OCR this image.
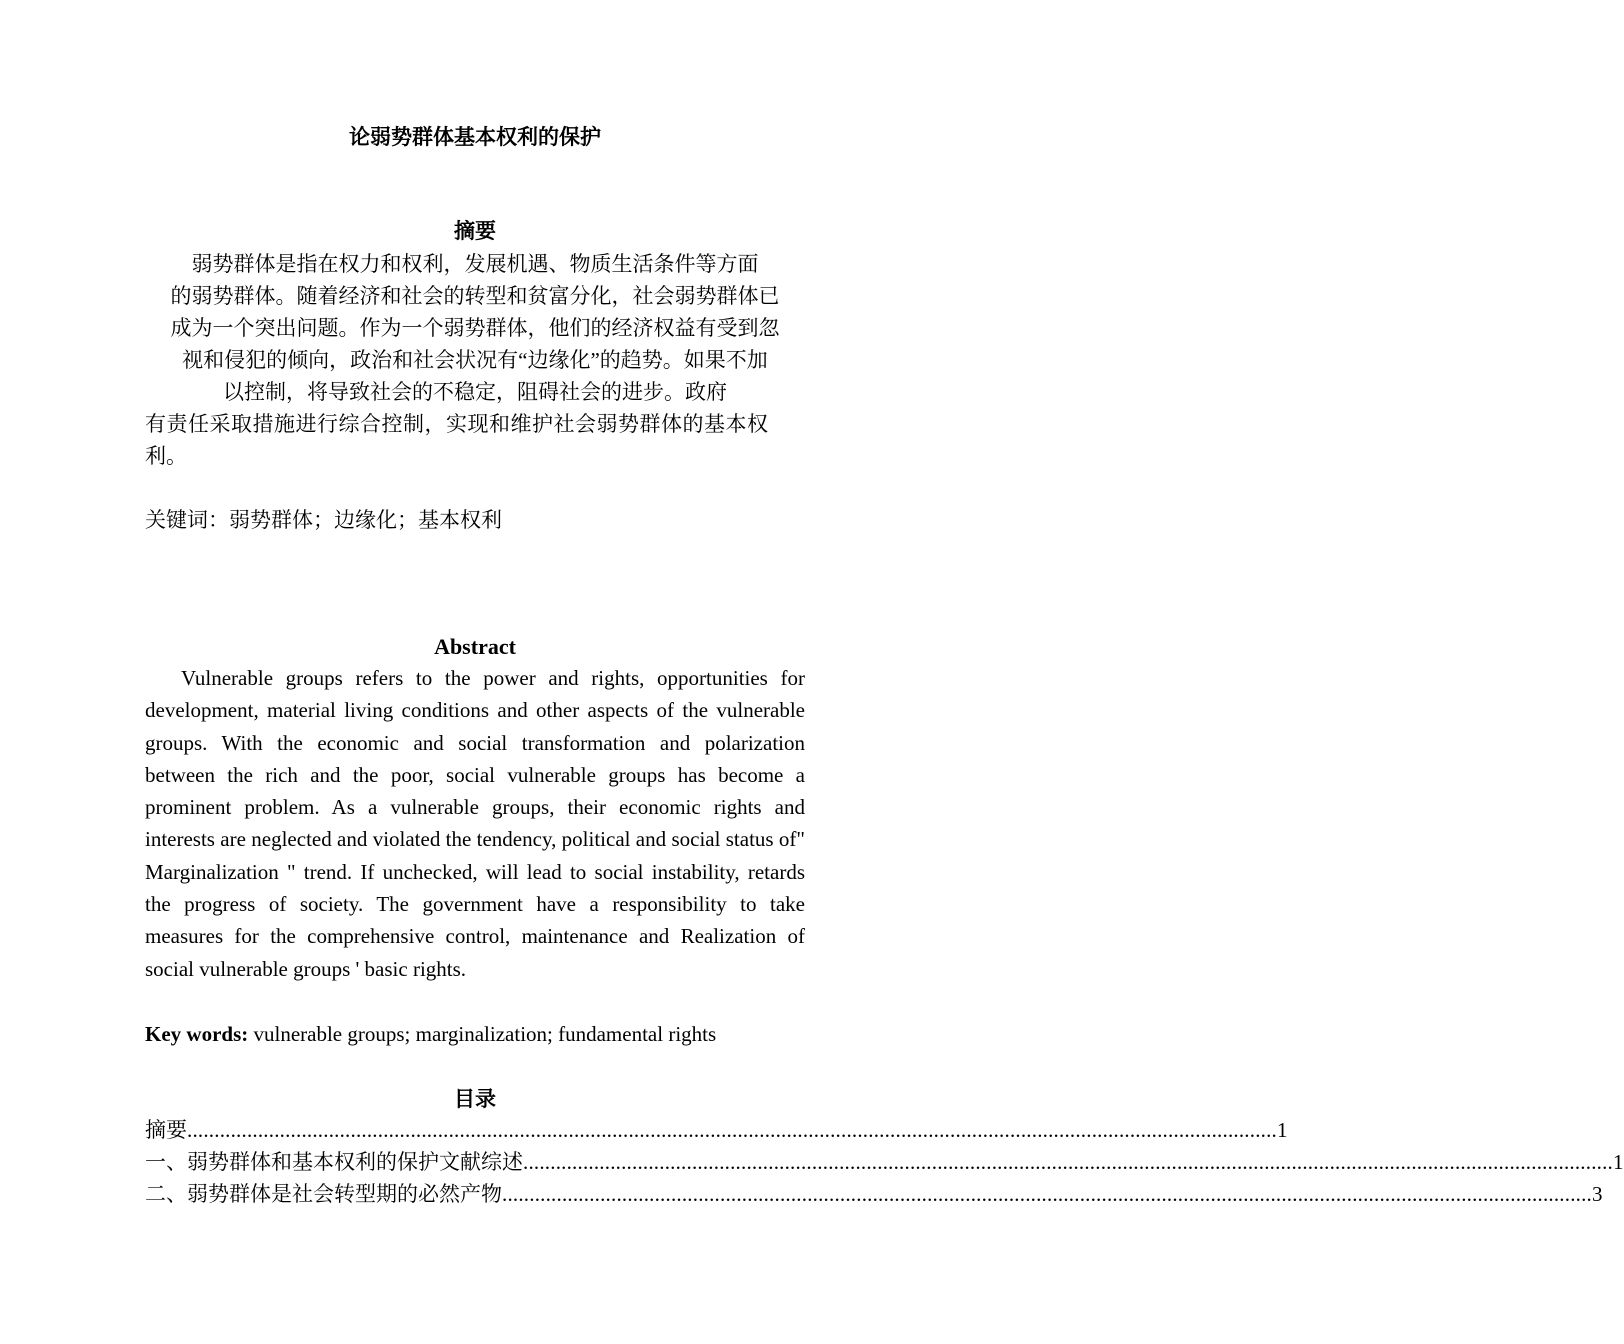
论弱势群体基本权利的保护
摘要
弱势群体是指在权力和权利，发展机遇、物质生活条件等方面
的弱势群体。随着经济和社会的转型和贫富分化，社会弱势群体已
成为一个突出问题。作为一个弱势群体，他们的经济权益有受到忽
视和侵犯的倾向，政治和社会状况有“边缘化”的趋势。如果不加
以控制，将导致社会的不稳定，阻碍社会的进步。政府
有责任采取措施进行综合控制，实现和维护社会弱势群体的基本权
利。
关键词：弱势群体；边缘化；基本权利
Abstract
Vulnerable groups refers to the power and rights, opportunities for development, material living conditions and other aspects of the vulnerable groups. With the economic and social transformation and polarization between the rich and the poor, social vulnerable groups has become a prominent problem. As a vulnerable groups, their economic rights and interests are neglected and violated the tendency, political and social status of" Marginalization " trend. If unchecked, will lead to social instability, retards the progress of society. The government have a responsibility to take measures for the comprehensive control, maintenance and Realization of social vulnerable groups ' basic rights.
Key words: vulnerable groups; marginalization; fundamental rights
目录
摘要 ........................................................................................................................................................................................................ 1
一、弱势群体和基本权利的保护文献综述 ........................................................................................................................................................................................................ 1
二、弱势群体是社会转型期的必然产物 ........................................................................................................................................................................................................ 3
